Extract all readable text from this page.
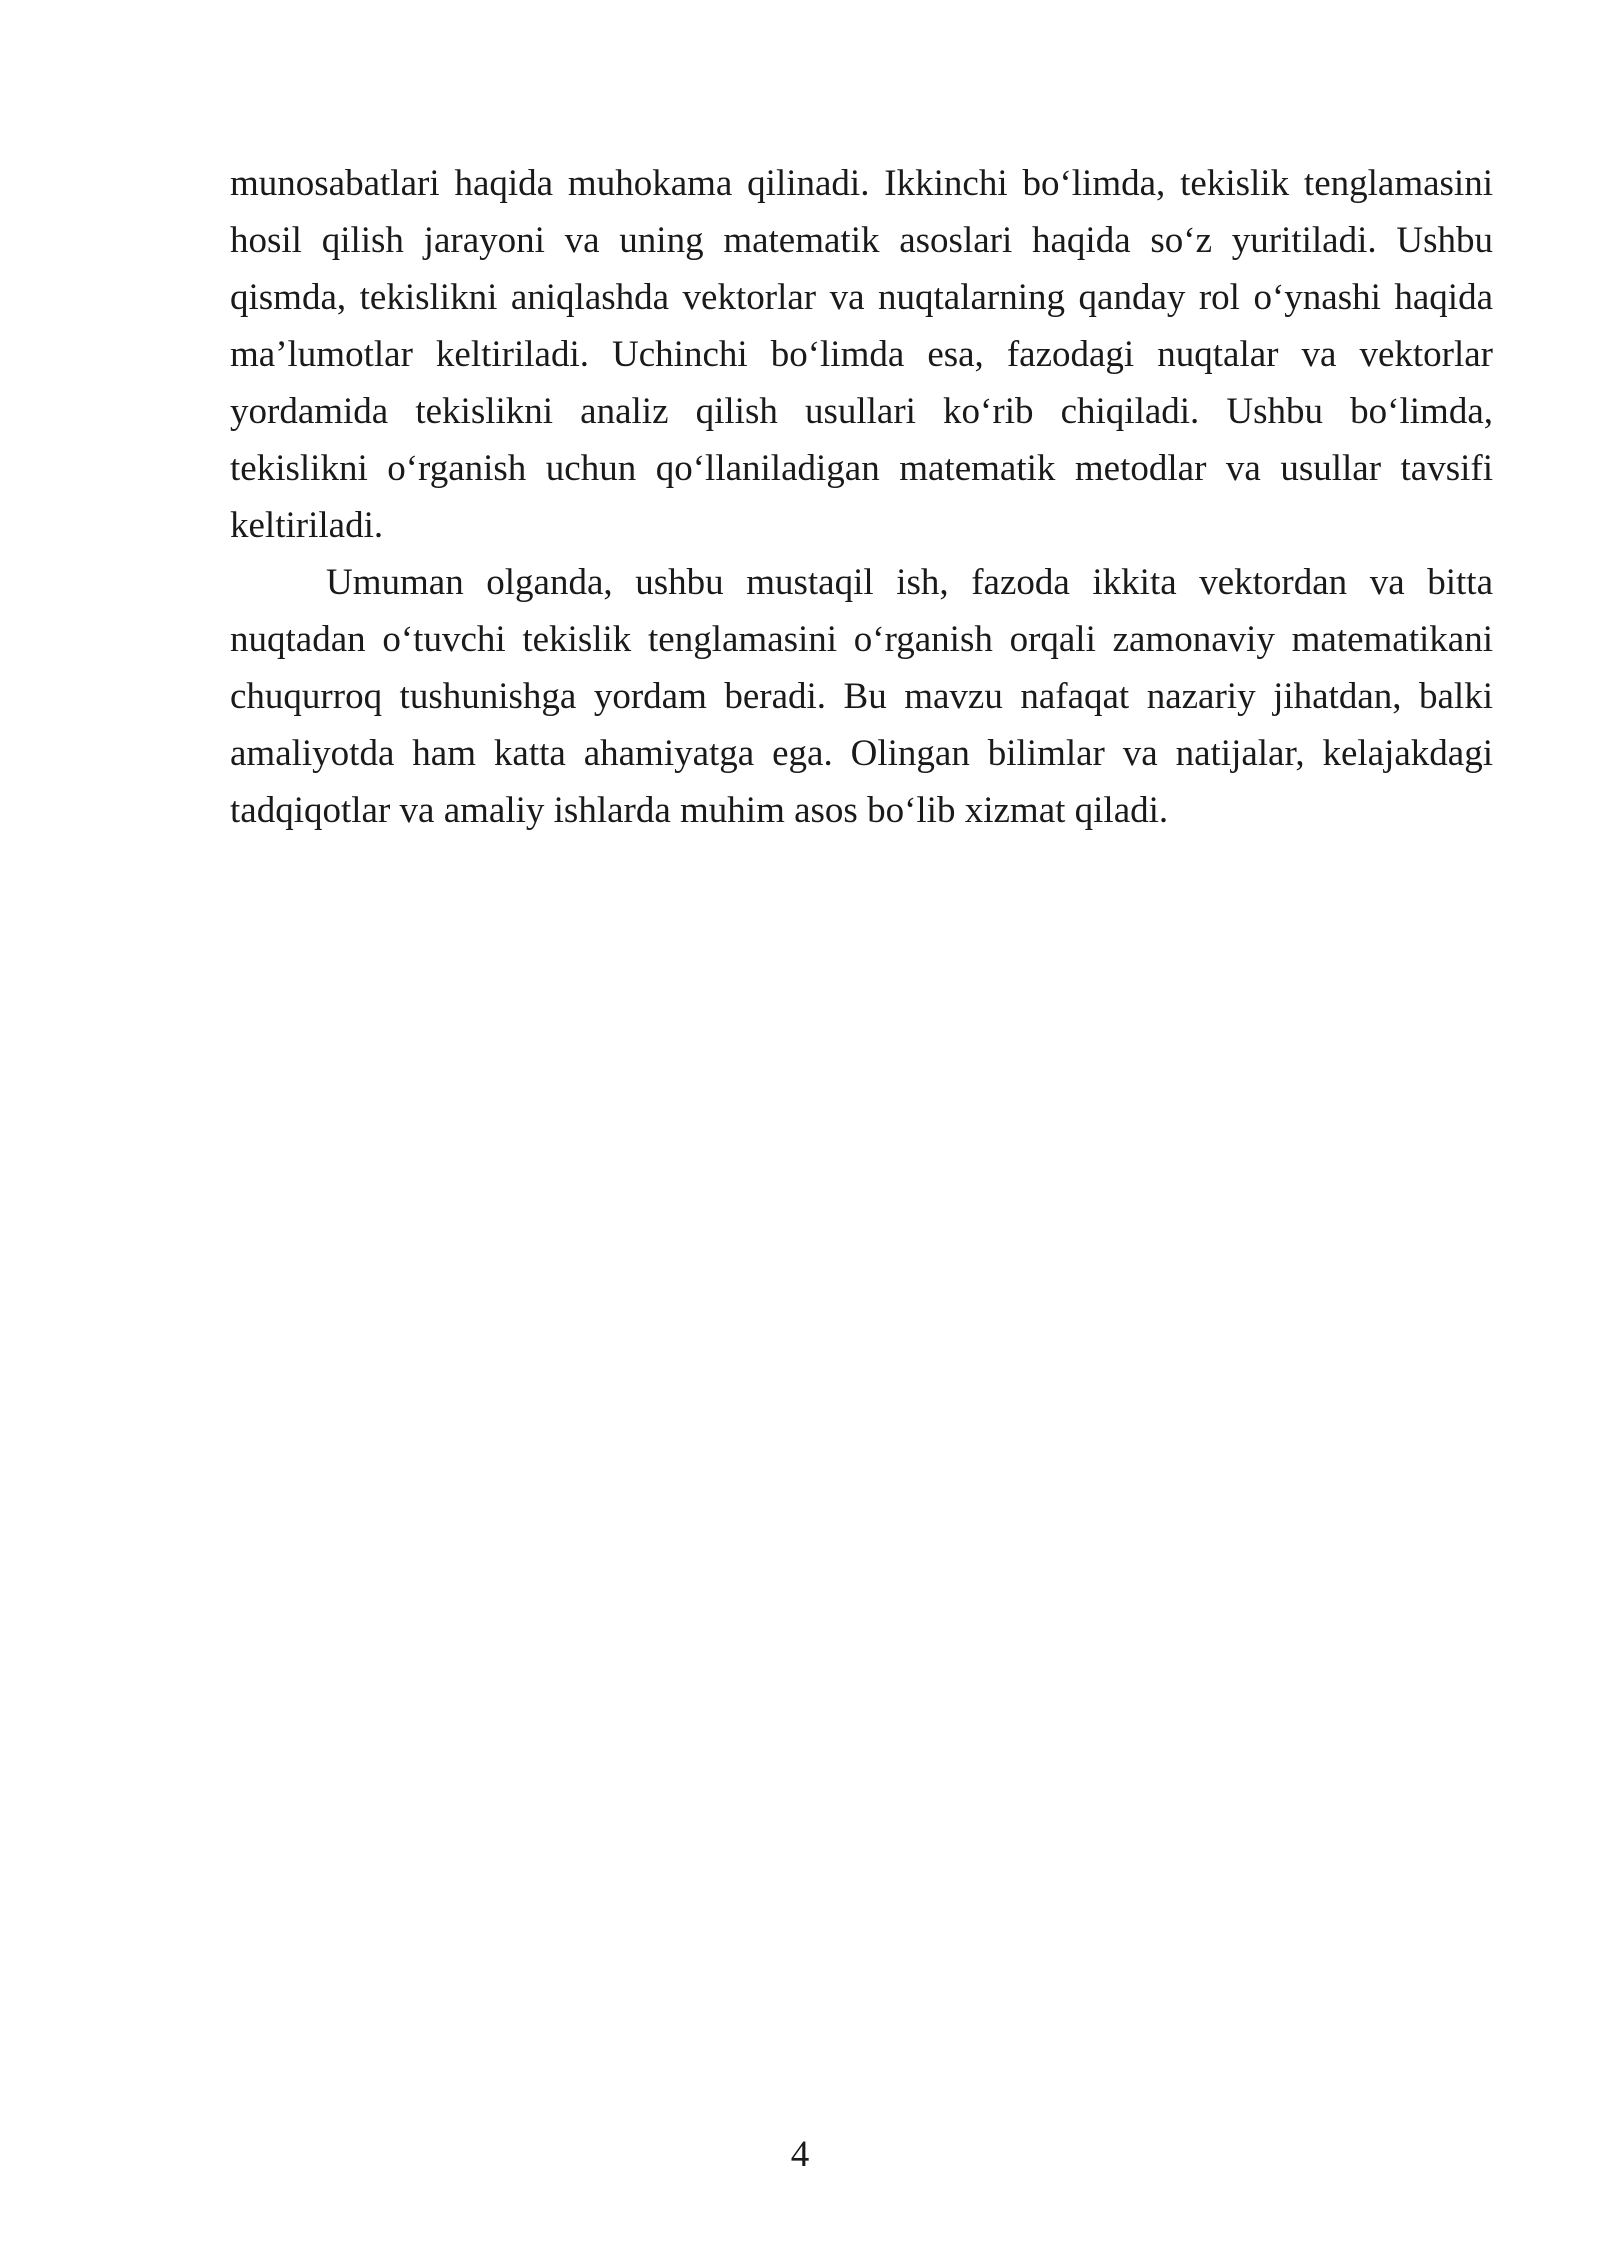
munosabatlari haqida muhokama qilinadi. Ikkinchi bo‘limda, tekislik tenglamasini hosil qilish jarayoni va uning matematik asoslari haqida so‘z yuritiladi. Ushbu qismda, tekislikni aniqlashda vektorlar va nuqtalarning qanday rol o‘ynashi haqida ma’lumotlar keltiriladi. Uchinchi bo‘limda esa, fazodagi nuqtalar va vektorlar yordamida tekislikni analiz qilish usullari ko‘rib chiqiladi. Ushbu bo‘limda, tekislikni o‘rganish uchun qo‘llaniladigan matematik metodlar va usullar tavsifi keltiriladi.

Umuman olganda, ushbu mustaqil ish, fazoda ikkita vektordan va bitta nuqtadan o‘tuvchi tekislik tenglamasini o‘rganish orqali zamonaviy matematikani chuqurroq tushunishga yordam beradi. Bu mavzu nafaqat nazariy jihatdan, balki amaliyotda ham katta ahamiyatga ega. Olingan bilimlar va natijalar, kelajakdagi tadqiqotlar va amaliy ishlarda muhim asos bo‘lib xizmat qiladi.

4
